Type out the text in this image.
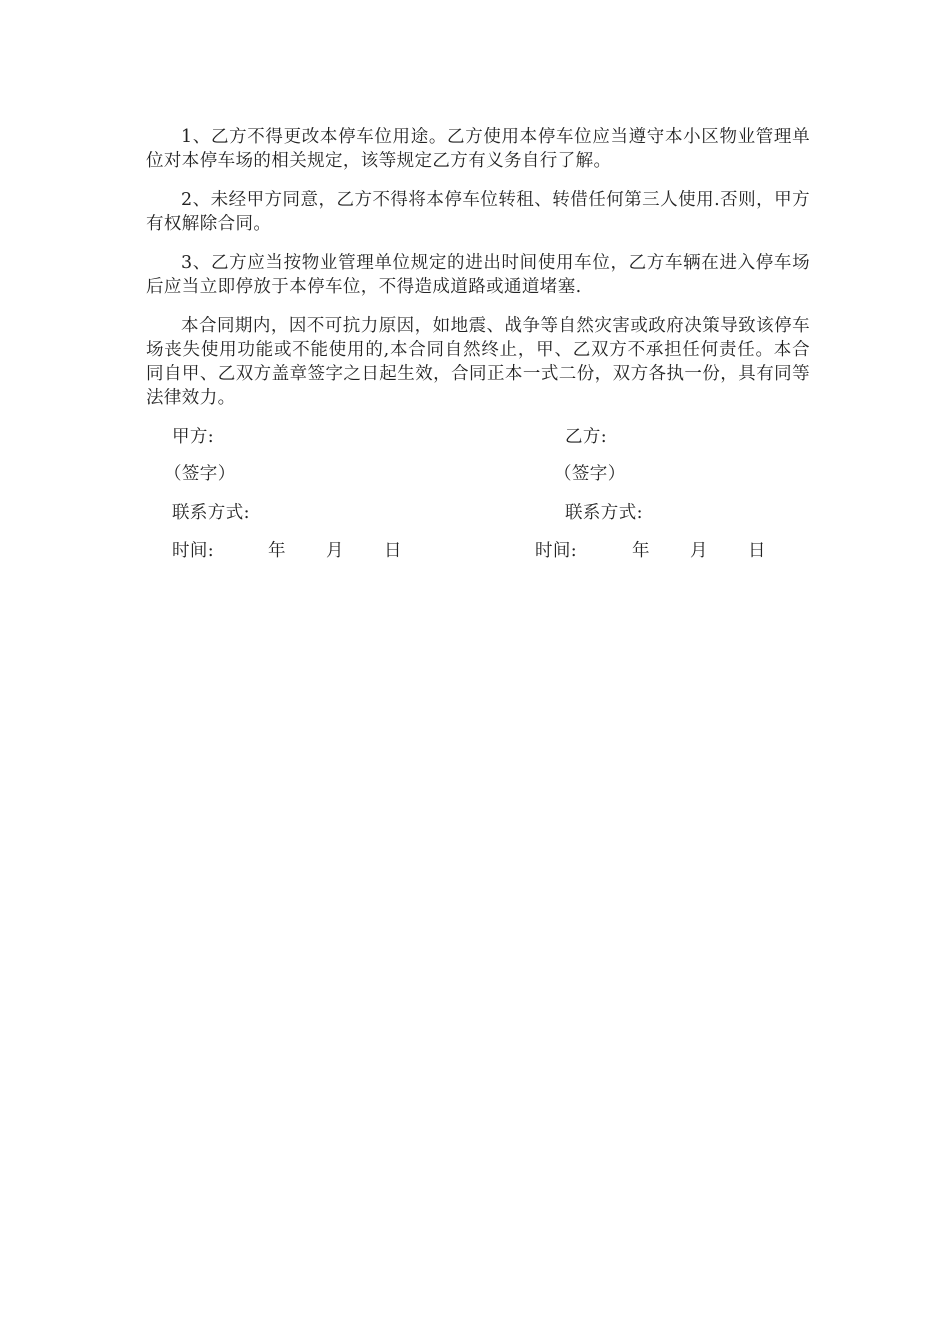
1、乙方不得更改本停车位用途。乙方使用本停车位应当遵守本小区物业管理单位对本停车场的相关规定，该等规定乙方有义务自行了解。

2、未经甲方同意，乙方不得将本停车位转租、转借任何第三人使用.否则，甲方有权解除合同。

3、乙方应当按物业管理单位规定的进出时间使用车位，乙方车辆在进入停车场后应当立即停放于本停车位，不得造成道路或通道堵塞.

本合同期内，因不可抗力原因，如地震、战争等自然灾害或政府决策导致该停车场丧失使用功能或不能使用的,本合同自然终止，甲、乙双方不承担任何责任。本合同自甲、乙双方盖章签字之日起生效，合同正本一式二份，双方各执一份，具有同等法律效力。

甲方:
（签字）
联系方式:
时间:	年 月 日
乙方:
（签字）
联系方式:
时间:	年 月 日
